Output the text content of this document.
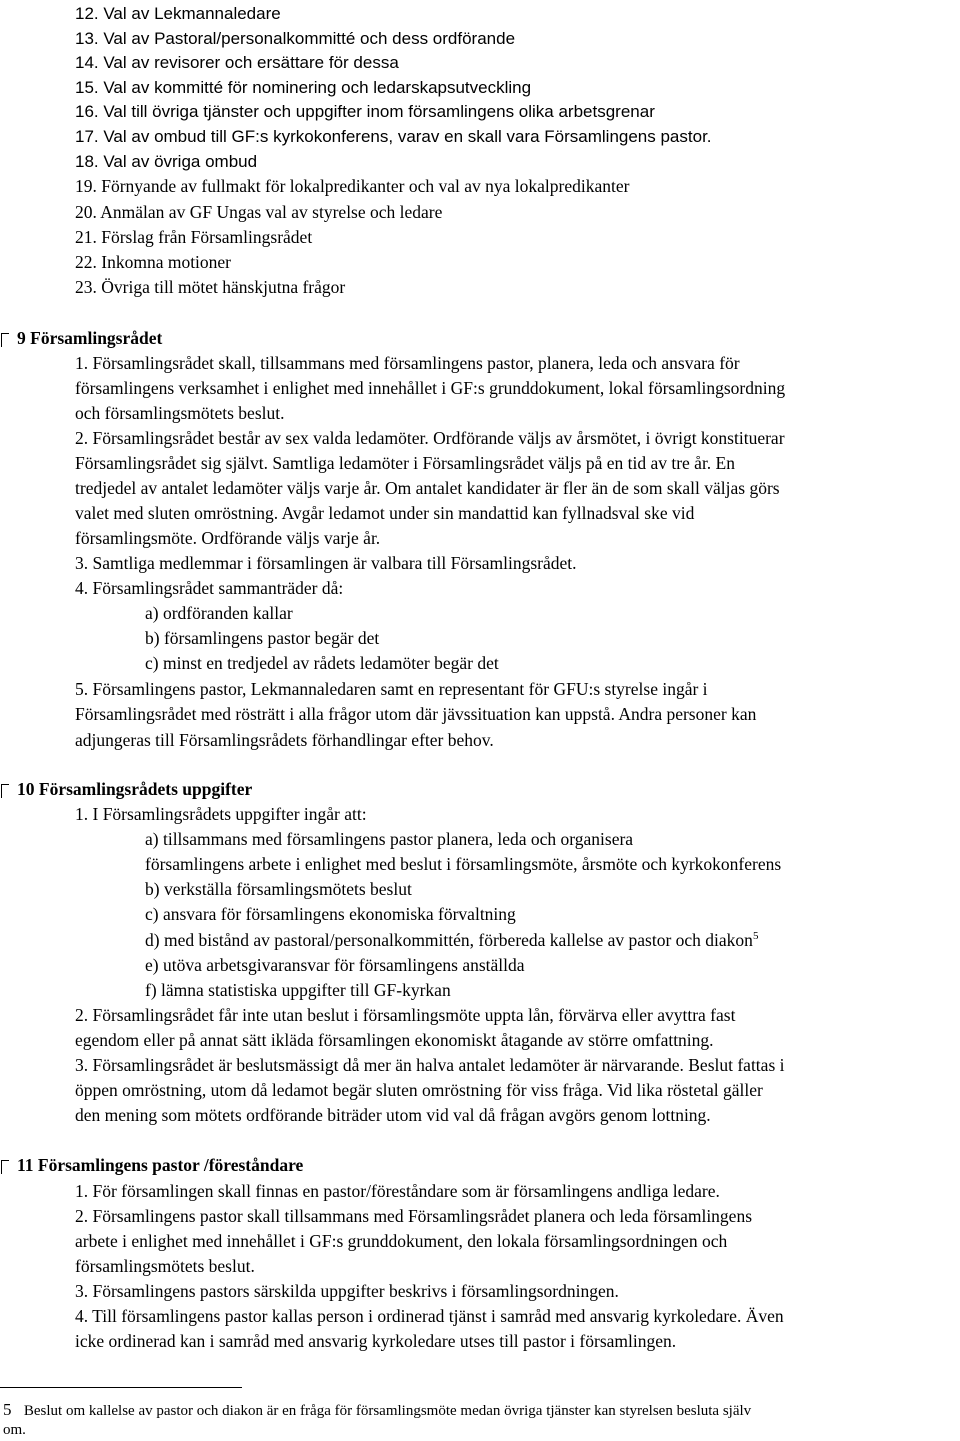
12. Val av Lekmannaledare
13. Val av Pastoral/personalkommitté och dess ordförande
14. Val av revisorer och ersättare för dessa
15. Val av kommitté för nominering och ledarskapsutveckling
16. Val till övriga tjänster och uppgifter inom församlingens olika arbetsgrenar
17. Val av ombud till GF:s kyrkokonferens, varav en skall vara Församlingens pastor.
18. Val av övriga ombud
19. Förnyande av fullmakt för lokalpredikanter och val av nya lokalpredikanter
20. Anmälan av GF Ungas val av styrelse och ledare
21. Förslag från Församlingsrådet
22. Inkomna motioner
23. Övriga till mötet hänskjutna frågor
9 Församlingsrådet
1. Församlingsrådet skall, tillsammans med församlingens pastor, planera, leda och ansvara för
församlingens verksamhet i enlighet med innehållet i GF:s grunddokument, lokal församlingsordning
och församlingsmötets beslut.
2. Församlingsrådet består av sex valda ledamöter. Ordförande väljs av årsmötet, i övrigt konstituerar
Församlingsrådet sig självt. Samtliga ledamöter i Församlingsrådet väljs på en tid av tre år. En
tredjedel av antalet ledamöter väljs varje år. Om antalet kandidater är fler än de som skall väljas görs
valet med sluten omröstning. Avgår ledamot under sin mandattid kan fyllnadsval ske vid
församlingsmöte. Ordförande väljs varje år.
3. Samtliga medlemmar i församlingen är valbara till Församlingsrådet.
4. Församlingsrådet sammanträder då:
a) ordföranden kallar
b) församlingens pastor begär det
c) minst en tredjedel av rådets ledamöter begär det
5. Församlingens pastor, Lekmannaledaren samt en representant för GFU:s styrelse ingår i
Församlingsrådet med rösträtt i alla frågor utom där jävssituation kan uppstå. Andra personer kan
adjungeras till Församlingsrådets förhandlingar efter behov.
10 Församlingsrådets uppgifter
1. I Församlingsrådets uppgifter ingår att:
a) tillsammans med församlingens pastor planera, leda och organisera
församlingens arbete i enlighet med beslut i församlingsmöte, årsmöte och kyrkokonferens
b) verkställa församlingsmötets beslut
c) ansvara för församlingens ekonomiska förvaltning
d) med bistånd av pastoral/personalkommittén, förbereda kallelse av pastor och diakon$^5$
e) utöva arbetsgivaransvar för församlingens anställda
f) lämna statistiska uppgifter till GF-kyrkan
2. Församlingsrådet får inte utan beslut i församlingsmöte uppta lån, förvärva eller avyttra fast
egendom eller på annat sätt ikläda församlingen ekonomiskt åtagande av större omfattning.
3. Församlingsrådet är beslutsmässigt då mer än halva antalet ledamöter är närvarande. Beslut fattas i
öppen omröstning, utom då ledamot begär sluten omröstning för viss fråga. Vid lika röstetal gäller
den mening som mötets ordförande biträder utom vid val då frågan avgörs genom lottning.
11 Församlingens pastor /föreståndare
1. För församlingen skall finnas en pastor/föreståndare som är församlingens andliga ledare.
2. Församlingens pastor skall tillsammans med Församlingsrådet planera och leda församlingens
arbete i enlighet med innehållet i GF:s grunddokument, den lokala församlingsordningen och
församlingsmötets beslut.
3. Församlingens pastors särskilda uppgifter beskrivs i församlingsordningen.
4. Till församlingens pastor kallas person i ordinerad tjänst i samråd med ansvarig kyrkoledare. Även
icke ordinerad kan i samråd med ansvarig kyrkoledare utses till pastor i församlingen.
5 Beslut om kallelse av pastor och diakon är en fråga för församlingsmöte medan övriga tjänster kan styrelsen besluta själv
om.
